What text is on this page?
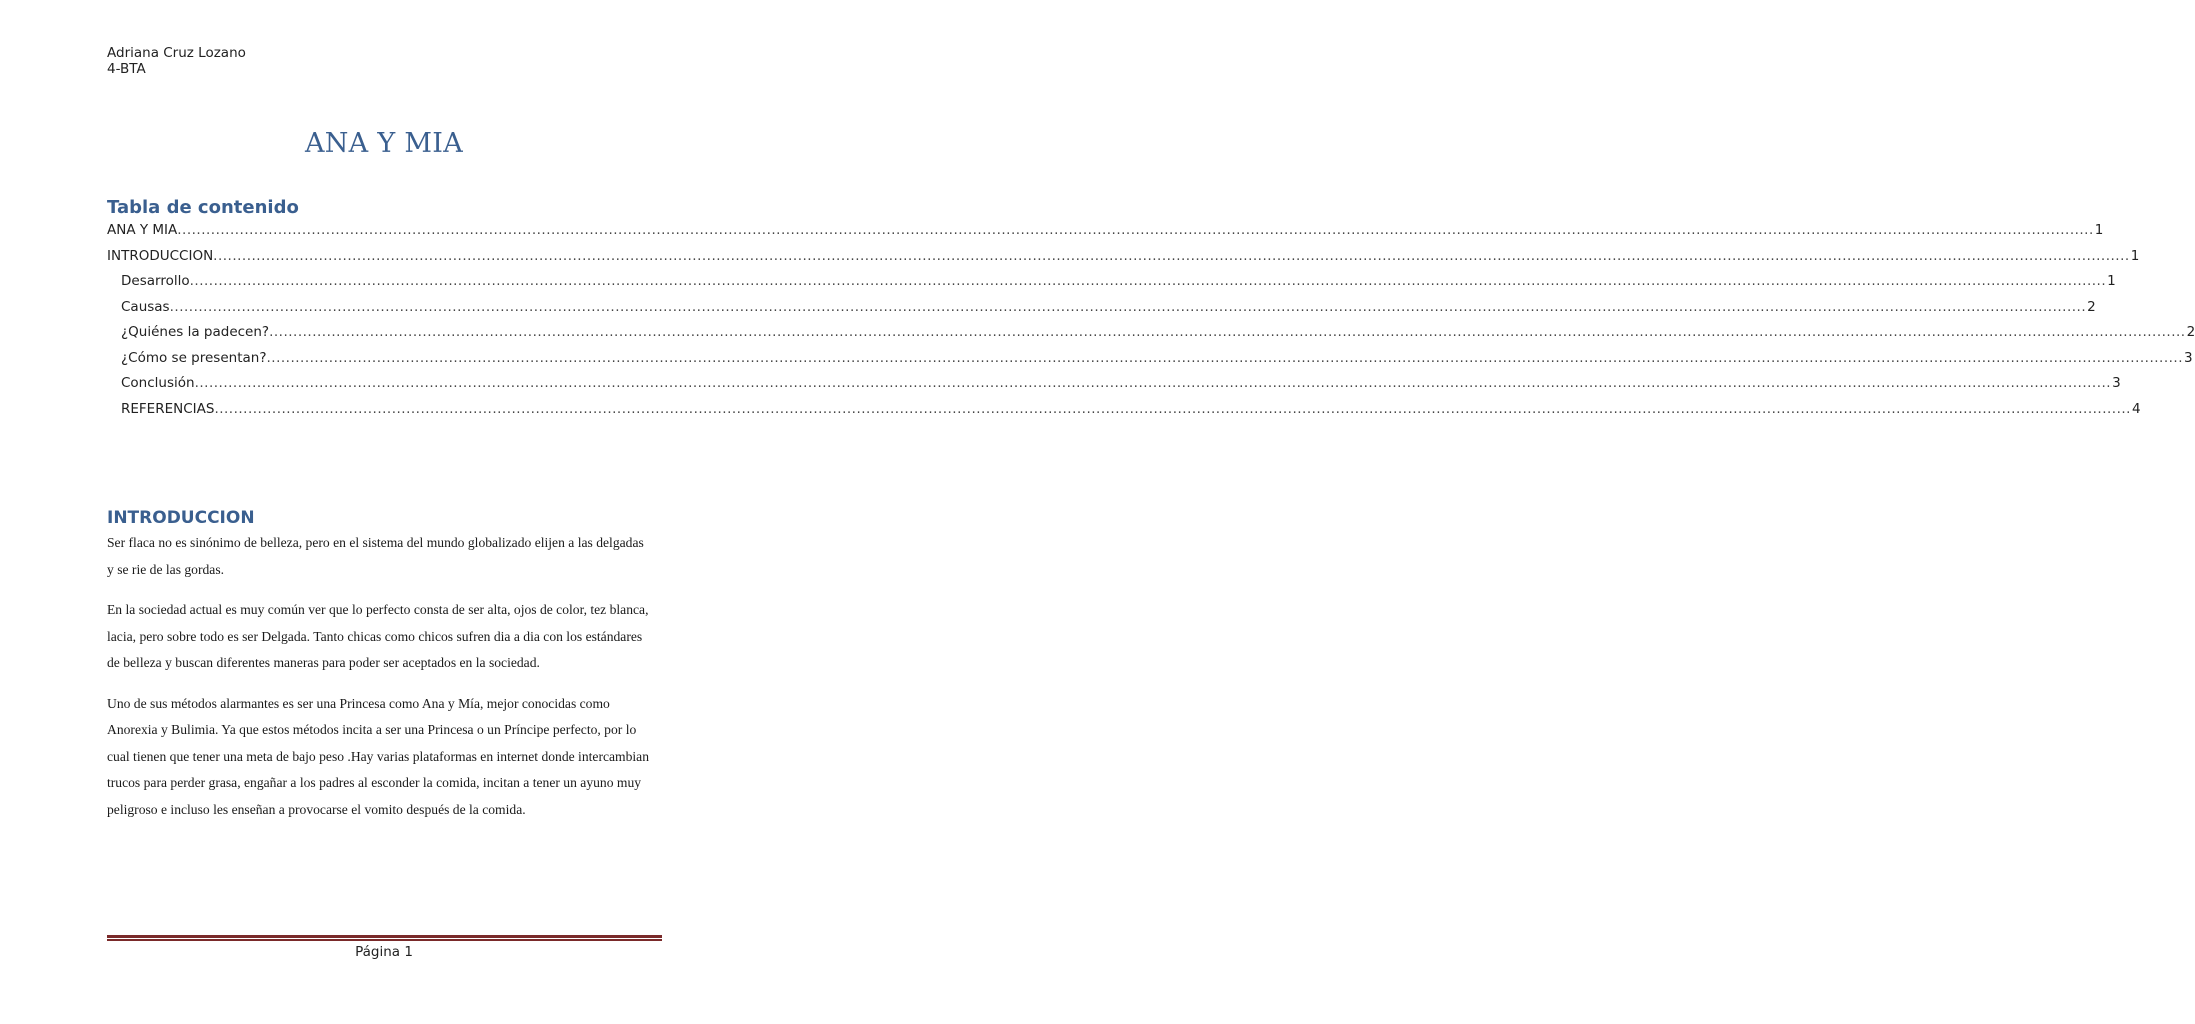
Adriana Cruz Lozano
4-BTA
ANA Y MIA
Tabla de contenido
ANA Y MIA ................................................................................................................................................................................................................................................................................................................................................................................................................ 1
INTRODUCCION ................................................................................................................................................................................................................................................................................................................................................................................................................ 1
Desarrollo ................................................................................................................................................................................................................................................................................................................................................................................................................ 1
Causas ................................................................................................................................................................................................................................................................................................................................................................................................................ 2
¿Quiénes la padecen? ................................................................................................................................................................................................................................................................................................................................................................................................................ 2
¿Cómo se presentan? ................................................................................................................................................................................................................................................................................................................................................................................................................ 3
Conclusión ................................................................................................................................................................................................................................................................................................................................................................................................................ 3
REFERENCIAS ................................................................................................................................................................................................................................................................................................................................................................................................................ 4
INTRODUCCION

Ser flaca no es sinónimo de belleza, pero en el sistema del mundo globalizado elijen a las delgadas y se rie de las gordas.

En la sociedad actual es muy común ver que lo perfecto consta de ser alta, ojos de color, tez blanca, lacia, pero sobre todo es ser Delgada. Tanto chicas como chicos sufren dia a dia con los estándares de belleza y buscan diferentes maneras para poder ser aceptados en la sociedad.

Uno de sus métodos alarmantes es ser una Princesa como Ana y Mía, mejor conocidas como Anorexia y Bulimia. Ya que estos métodos incita a ser una Princesa o un Príncipe perfecto, por lo cual tienen que tener una meta de bajo peso .Hay varias plataformas en internet donde intercambian trucos para perder grasa, engañar a los padres al esconder la comida, incitan a tener un ayuno muy peligroso e incluso les enseñan a provocarse el vomito después de la comida.

Página 1
